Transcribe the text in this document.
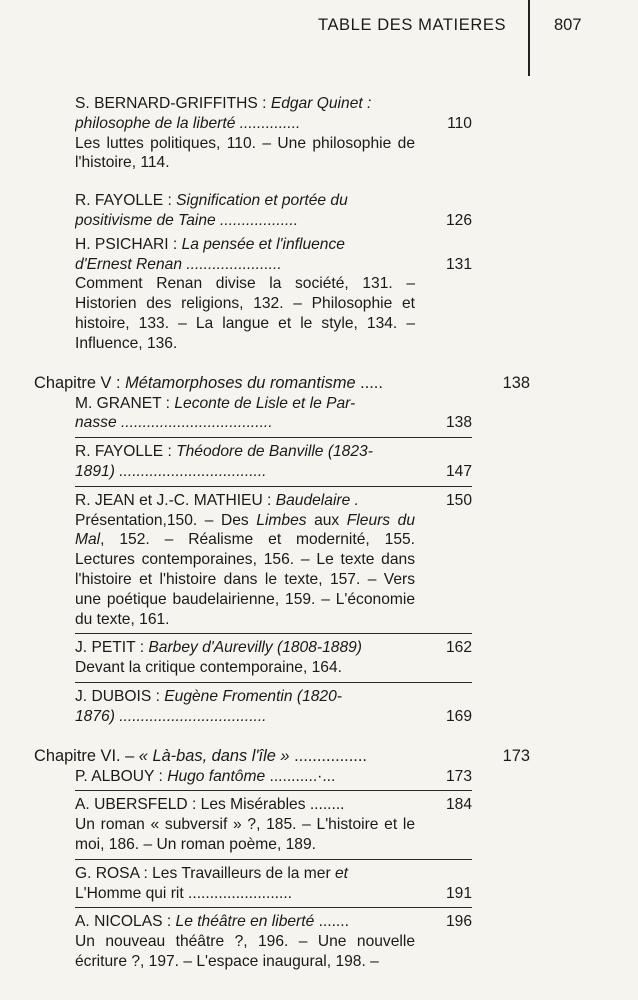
TABLE DES MATIERES	807
S. BERNARD-GRIFFITHS : Edgar Quinet :
philosophe de la liberté ..............	110
Les luttes politiques, 110. – Une philosophie de l'histoire, 114.
R. FAYOLLE : Signification et portée du
positivisme de Taine ..................	126
H. PSICHARI : La pensée et l'influence
d'Ernest Renan ......................	131
Comment Renan divise la société, 131. – Historien des religions, 132. – Philosophie et histoire, 133. – La langue et le style, 134. – Influence, 136.
Chapitre V : Métamorphoses du romantisme .....	138
M. GRANET : Leconte de Lisle et le Par-
nasse ...................................	138
R. FAYOLLE : Théodore de Banville (1823-
1891) ..................................	147
R. JEAN et J.-C. MATHIEU : Baudelaire .	150
Présentation,150. – Des Limbes aux Fleurs du Mal, 152. – Réalisme et modernité, 155. Lectures contemporaines, 156. – Le texte dans l'histoire et l'histoire dans le texte, 157. – Vers une poétique baudelairienne, 159. – L'économie du texte, 161.
J. PETIT : Barbey d'Aurevilly (1808-1889)	162
Devant la critique contemporaine, 164.
J. DUBOIS : Eugène Fromentin (1820-
1876) ..................................	169
Chapitre VI. – « Là-bas, dans l'île » ................	173
P. ALBOUY : Hugo fantôme ...........·...	173
A. UBERSFELD : Les Misérables ........	184
Un roman « subversif » ?, 185. – L'histoire et le moi, 186. – Un roman poème, 189.
G. ROSA : Les Travailleurs de la mer et
L'Homme qui rit ........................	191
A. NICOLAS : Le théâtre en liberté .......	196
Un nouveau théâtre ?, 196. – Une nouvelle écriture ?, 197. – L'espace inaugural, 198. –
